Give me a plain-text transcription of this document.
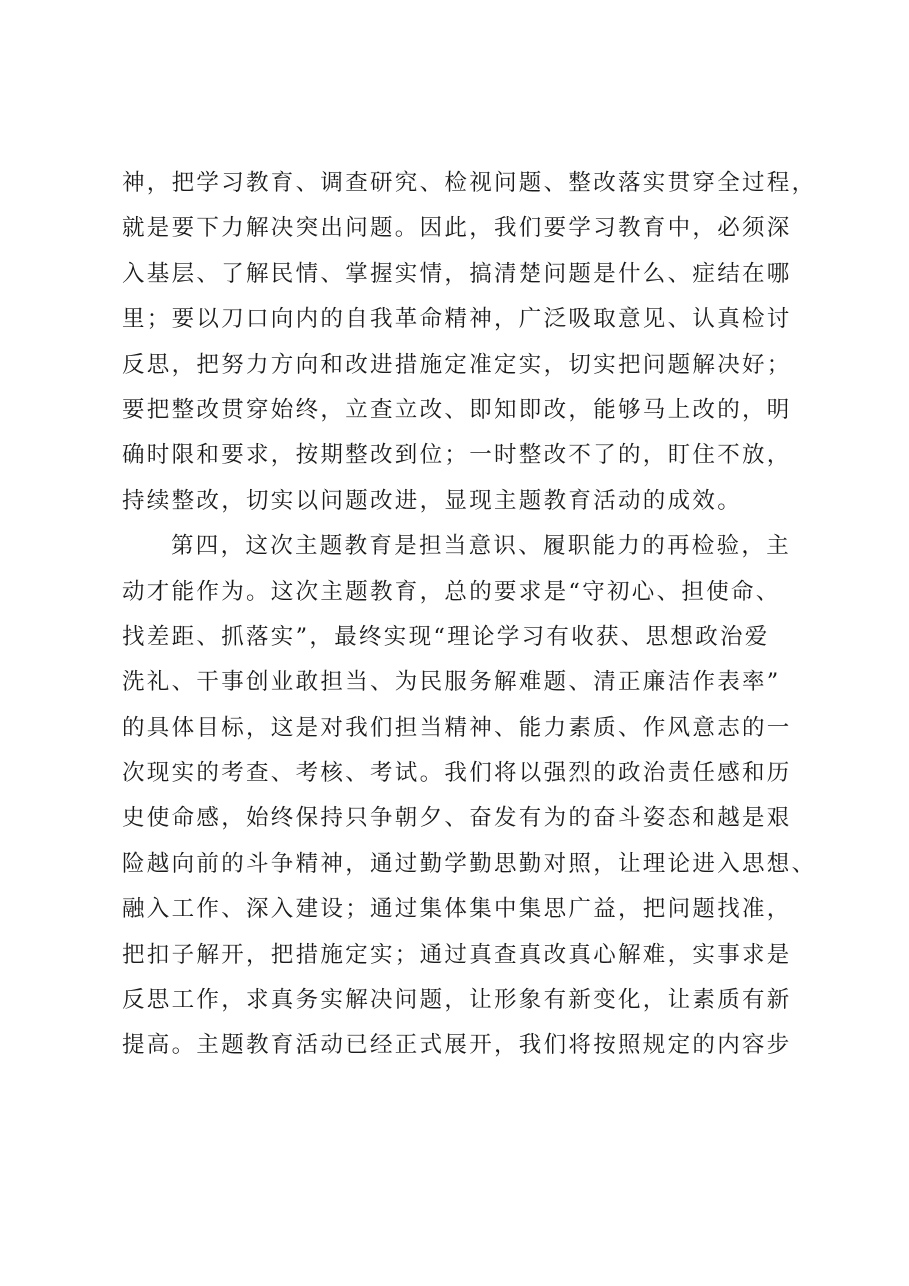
神，把学习教育、调查研究、检视问题、整改落实贯穿全过程，
就是要下力解决突出问题。因此，我们要学习教育中，必须深
入基层、了解民情、掌握实情，搞清楚问题是什么、症结在哪
里；要以刀口向内的自我革命精神，广泛吸取意见、认真检讨
反思，把努力方向和改进措施定准定实，切实把问题解决好；
要把整改贯穿始终，立查立改、即知即改，能够马上改的，明
确时限和要求，按期整改到位；一时整改不了的，盯住不放，
持续整改，切实以问题改进，显现主题教育活动的成效。
第四，这次主题教育是担当意识、履职能力的再检验，主
动才能作为。这次主题教育，总的要求是“守初心、担使命、
找差距、抓落实”，最终实现“理论学习有收获、思想政治爱
洗礼、干事创业敢担当、为民服务解难题、清正廉洁作表率”
的具体目标，这是对我们担当精神、能力素质、作风意志的一
次现实的考查、考核、考试。我们将以强烈的政治责任感和历
史使命感，始终保持只争朝夕、奋发有为的奋斗姿态和越是艰
险越向前的斗争精神，通过勤学勤思勤对照，让理论进入思想、
融入工作、深入建设；通过集体集中集思广益，把问题找准，
把扣子解开，把措施定实；通过真查真改真心解难，实事求是
反思工作，求真务实解决问题，让形象有新变化，让素质有新
提高。主题教育活动已经正式展开，我们将按照规定的内容步
